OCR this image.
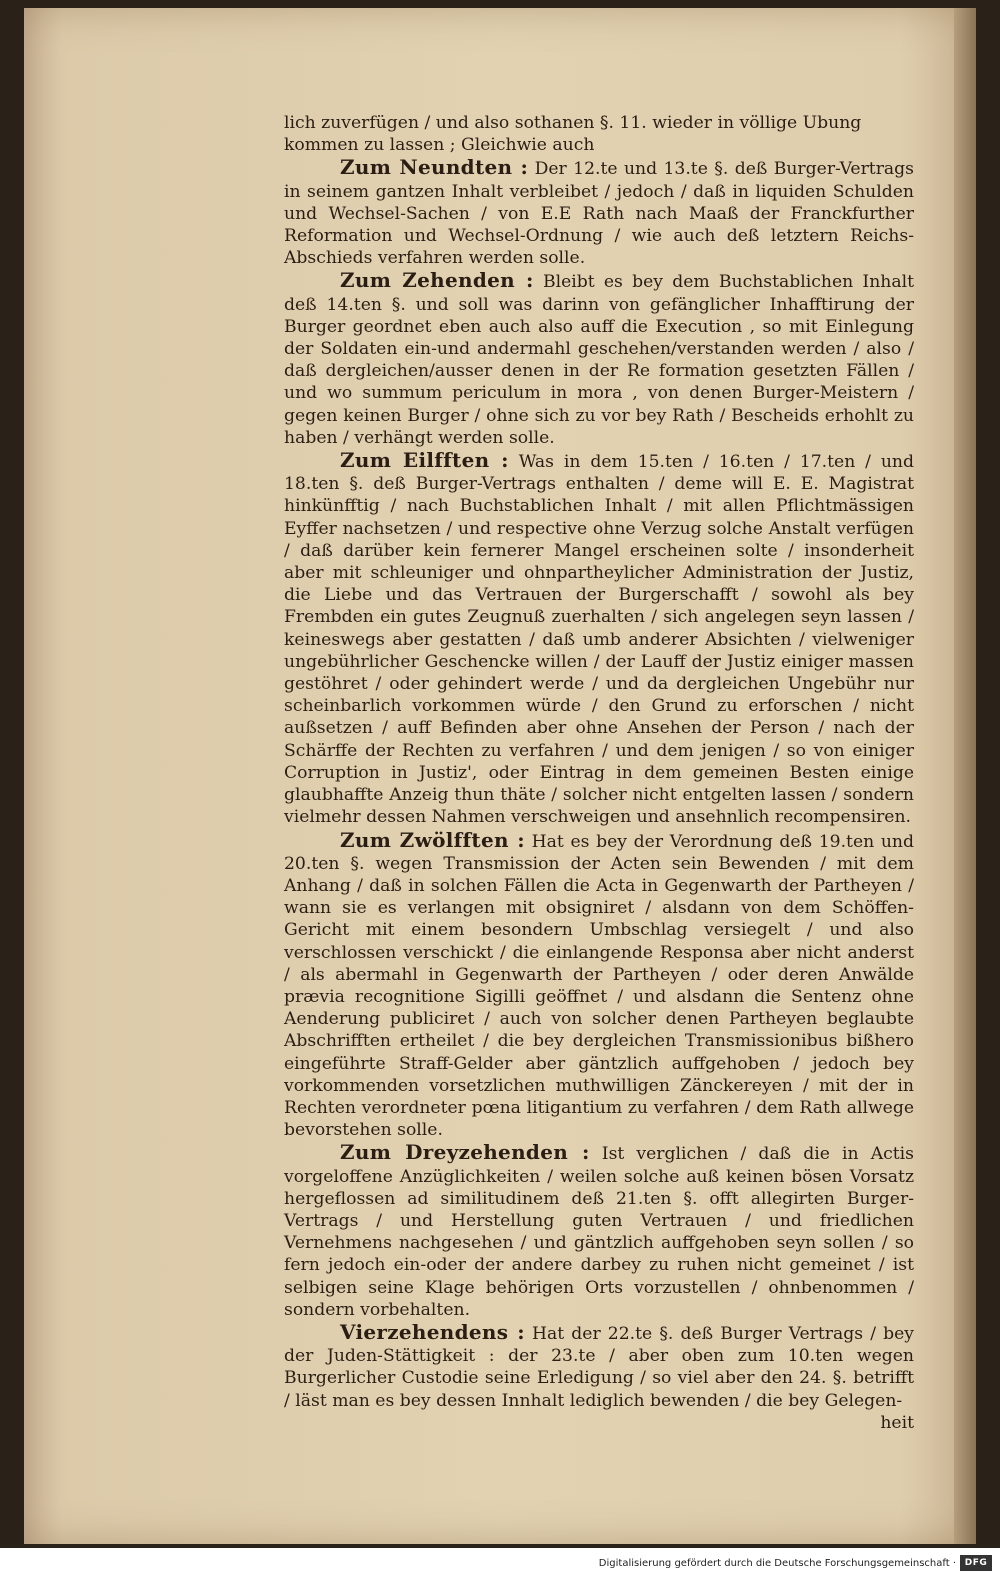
lich zuverfügen / und also sothanen §. 11. wieder in völlige Ubung kommen zu lassen ; Gleichwie auch

Zum Neundten : Der 12.te und 13.te §. deß Burger-Vertrags in seinem gantzen Inhalt verbleibet / jedoch / daß in liquiden Schulden und Wechsel-Sachen / von E.E Rath nach Maaß der Franckfurther Reformation und Wechsel-Ordnung / wie auch deß letztern Reichs-Abschieds verfahren werden solle.

Zum Zehenden : Bleibt es bey dem Buchstablichen Inhalt deß 14.ten §. und soll was darinn von gefänglicher Inhafftirung der Burger geordnet eben auch also auff die Execution , so mit Einlegung der Soldaten ein-und andermahl geschehen/verstanden werden / also / daß dergleichen/ausser denen in der Re formation gesetzten Fällen / und wo summum periculum in mora , von denen Burger-Meistern / gegen keinen Burger / ohne sich zu vor bey Rath / Bescheids erhohlt zu haben / verhängt werden solle.

Zum Eilfften : Was in dem 15.ten / 16.ten / 17.ten / und 18.ten §. deß Burger-Vertrags enthalten / deme will E. E. Magistrat hinkünfftig / nach Buchstablichen Inhalt / mit allen Pflichtmässigen Eyffer nachsetzen / und respective ohne Verzug solche Anstalt verfügen / daß darüber kein fernerer Mangel erscheinen solte / insonderheit aber mit schleuniger und ohnpartheylicher Administration der Justiz, die Liebe und das Vertrauen der Burgerschafft / sowohl als bey Frembden ein gutes Zeugnuß zuerhalten / sich angelegen seyn lassen / keineswegs aber gestatten / daß umb anderer Absichten / vielweniger ungebührlicher Geschencke willen / der Lauff der Justiz einiger massen gestöhret / oder gehindert werde / und da dergleichen Ungebühr nur scheinbarlich vorkommen würde / den Grund zu erforschen / nicht außsetzen / auff Befinden aber ohne Ansehen der Person / nach der Schärffe der Rechten zu verfahren / und dem jenigen / so von einiger Corruption in Justiz', oder Eintrag in dem gemeinen Besten einige glaubhaffte Anzeig thun thäte / solcher nicht entgelten lassen / sondern vielmehr dessen Nahmen verschweigen und ansehnlich recompensiren.

Zum Zwölfften : Hat es bey der Verordnung deß 19.ten und 20.ten §. wegen Transmission der Acten sein Bewenden / mit dem Anhang / daß in solchen Fällen die Acta in Gegenwarth der Partheyen / wann sie es verlangen mit obsigniret / alsdann von dem Schöffen-Gericht mit einem besondern Umbschlag versiegelt / und also verschlossen verschickt / die einlangende Responsa aber nicht anderst / als abermahl in Gegenwarth der Partheyen / oder deren Anwälde prævia recognitione Sigilli geöffnet / und alsdann die Sentenz ohne Aenderung publiciret / auch von solcher denen Partheyen beglaubte Abschrifften ertheilet / die bey dergleichen Transmissionibus bißhero eingeführte Straff-Gelder aber gäntzlich auffgehoben / jedoch bey vorkommenden vorsetzlichen muthwilligen Zänckereyen / mit der in Rechten verordneter pœna litigantium zu verfahren / dem Rath allwege bevorstehen solle.

Zum Dreyzehenden : Ist verglichen / daß die in Actis vorgeloffene Anzüglichkeiten / weilen solche auß keinen bösen Vorsatz hergeflossen ad similitudinem deß 21.ten §. offt allegirten Burger-Vertrags / und Herstellung guten Vertrauen / und friedlichen Vernehmens nachgesehen / und gäntzlich auffgehoben seyn sollen / so fern jedoch ein-oder der andere darbey zu ruhen nicht gemeinet / ist selbigen seine Klage behörigen Orts vorzustellen / ohnbenommen / sondern vorbehalten.

Vierzehendens : Hat der 22.te §. deß Burger Vertrags / bey der Juden-Stättigkeit : der 23.te / aber oben zum 10.ten wegen Burgerlicher Custodie seine Erledigung / so viel aber den 24. §. betrifft / läst man es bey dessen Innhalt lediglich bewenden / die bey Gelegen-

heit

Digitalisierung gefördert durch die Deutsche Forschungsgemeinschaft · DFG
